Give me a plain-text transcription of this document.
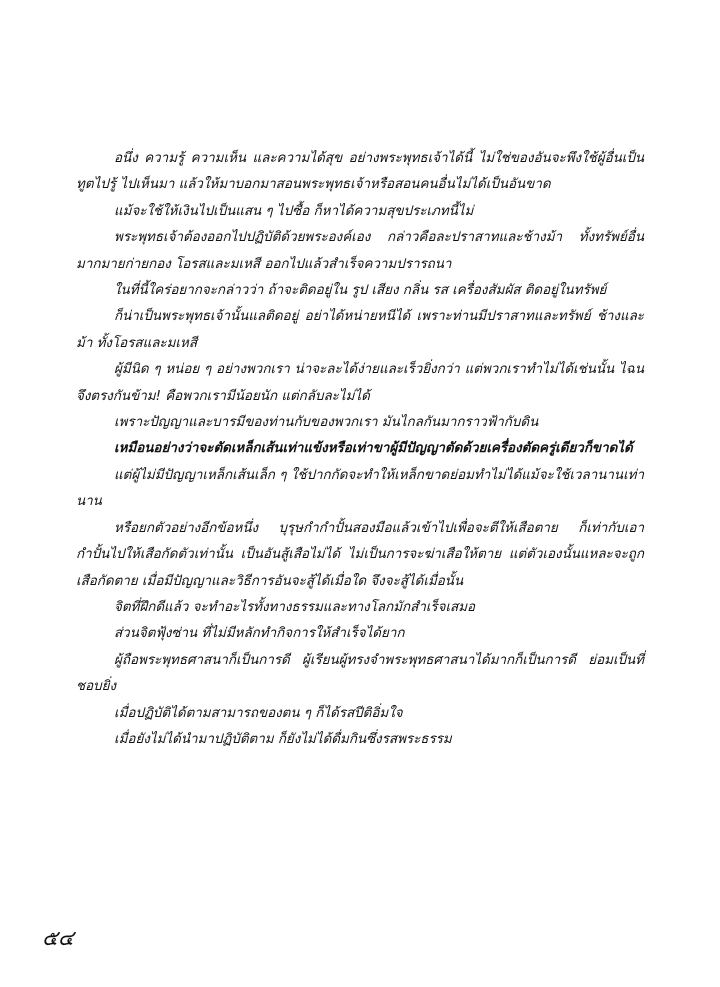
อนึ่ง ความรู้ ความเห็น และความได้สุข อย่างพระพุทธเจ้าได้นี้ ไม่ใช่ของอันจะพึงใช้ผู้อื่นเป็นทูตไปรู้ ไปเห็นมา แล้วให้มาบอกมาสอนพระพุทธเจ้าหรือสอนคนอื่นไม่ได้เป็นอันขาด

แม้จะใช้ให้เงินไปเป็นแสน ๆ ไปซื้อ ก็หาได้ความสุขประเภทนี้ไม่

พระพุทธเจ้าต้องออกไปปฏิบัติด้วยพระองค์เอง กล่าวคือละปราสาทและช้างม้า ทั้งทรัพย์อื่นมากมายก่ายกอง โอรสและมเหสี ออกไปแล้วสำเร็จความปรารถนา

ในที่นี้ใคร่อยากจะกล่าวว่า ถ้าจะติดอยู่ใน รูป เสียง กลิ่น รส เครื่องสัมผัส ติดอยู่ในทรัพย์

ก็น่าเป็นพระพุทธเจ้านั้นแลติดอยู่ อย่าได้หน่ายหนีได้ เพราะท่านมีปราสาทและทรัพย์ ช้างและม้า ทั้งโอรสและมเหสี

ผู้มีนิด ๆ หน่อย ๆ อย่างพวกเรา น่าจะละได้ง่ายและเร็วยิ่งกว่า แต่พวกเราทำไม่ได้เช่นนั้น ไฉนจึงตรงกันข้าม! คือพวกเรามีน้อยนัก แต่กลับละไม่ได้

เพราะปัญญาและบารมีของท่านกับของพวกเรา มันไกลกันมากราวฟ้ากับดิน

เหมือนอย่างว่าจะตัดเหล็กเส้นเท่าแข้งหรือเท่าขาผู้มีปัญญาตัดด้วยเครื่องตัดครู่เดียวก็ขาดได้

แต่ผู้ไม่มีปัญญาเหล็กเส้นเล็ก ๆ ใช้ปากกัดจะทำให้เหล็กขาดย่อมทำไม่ได้แม้จะใช้เวลานานเท่านาน

หรือยกตัวอย่างอีกข้อหนึ่ง บุรุษกำกำปั้นสองมือแล้วเข้าไปเพื่อจะตีให้เสือตาย ก็เท่ากับเอากำปั้นไปให้เสือกัดตัวเท่านั้น เป็นอันสู้เสือไม่ได้ ไม่เป็นการจะฆ่าเสือให้ตาย แต่ตัวเองนั้นแหละจะถูกเสือกัดตาย เมื่อมีปัญญาและวิธีการอันจะสู้ได้เมื่อใด จึงจะสู้ได้เมื่อนั้น

จิตที่ฝึกดีแล้ว จะทำอะไรทั้งทางธรรมและทางโลกมักสำเร็จเสมอ

ส่วนจิตฟุ้งซ่าน ที่ไม่มีหลักทำกิจการให้สำเร็จได้ยาก

ผู้ถือพระพุทธศาสนาก็เป็นการดี ผู้เรียนผู้ทรงจำพระพุทธศาสนาได้มากก็เป็นการดี ย่อมเป็นที่ชอบยิ่ง

เมื่อปฏิบัติได้ตามสามารถของตน ๆ ก็ได้รสปีติอิ่มใจ

เมื่อยังไม่ได้นำมาปฏิบัติตาม ก็ยังไม่ได้ดื่มกินซึ่งรสพระธรรม

๕๔
